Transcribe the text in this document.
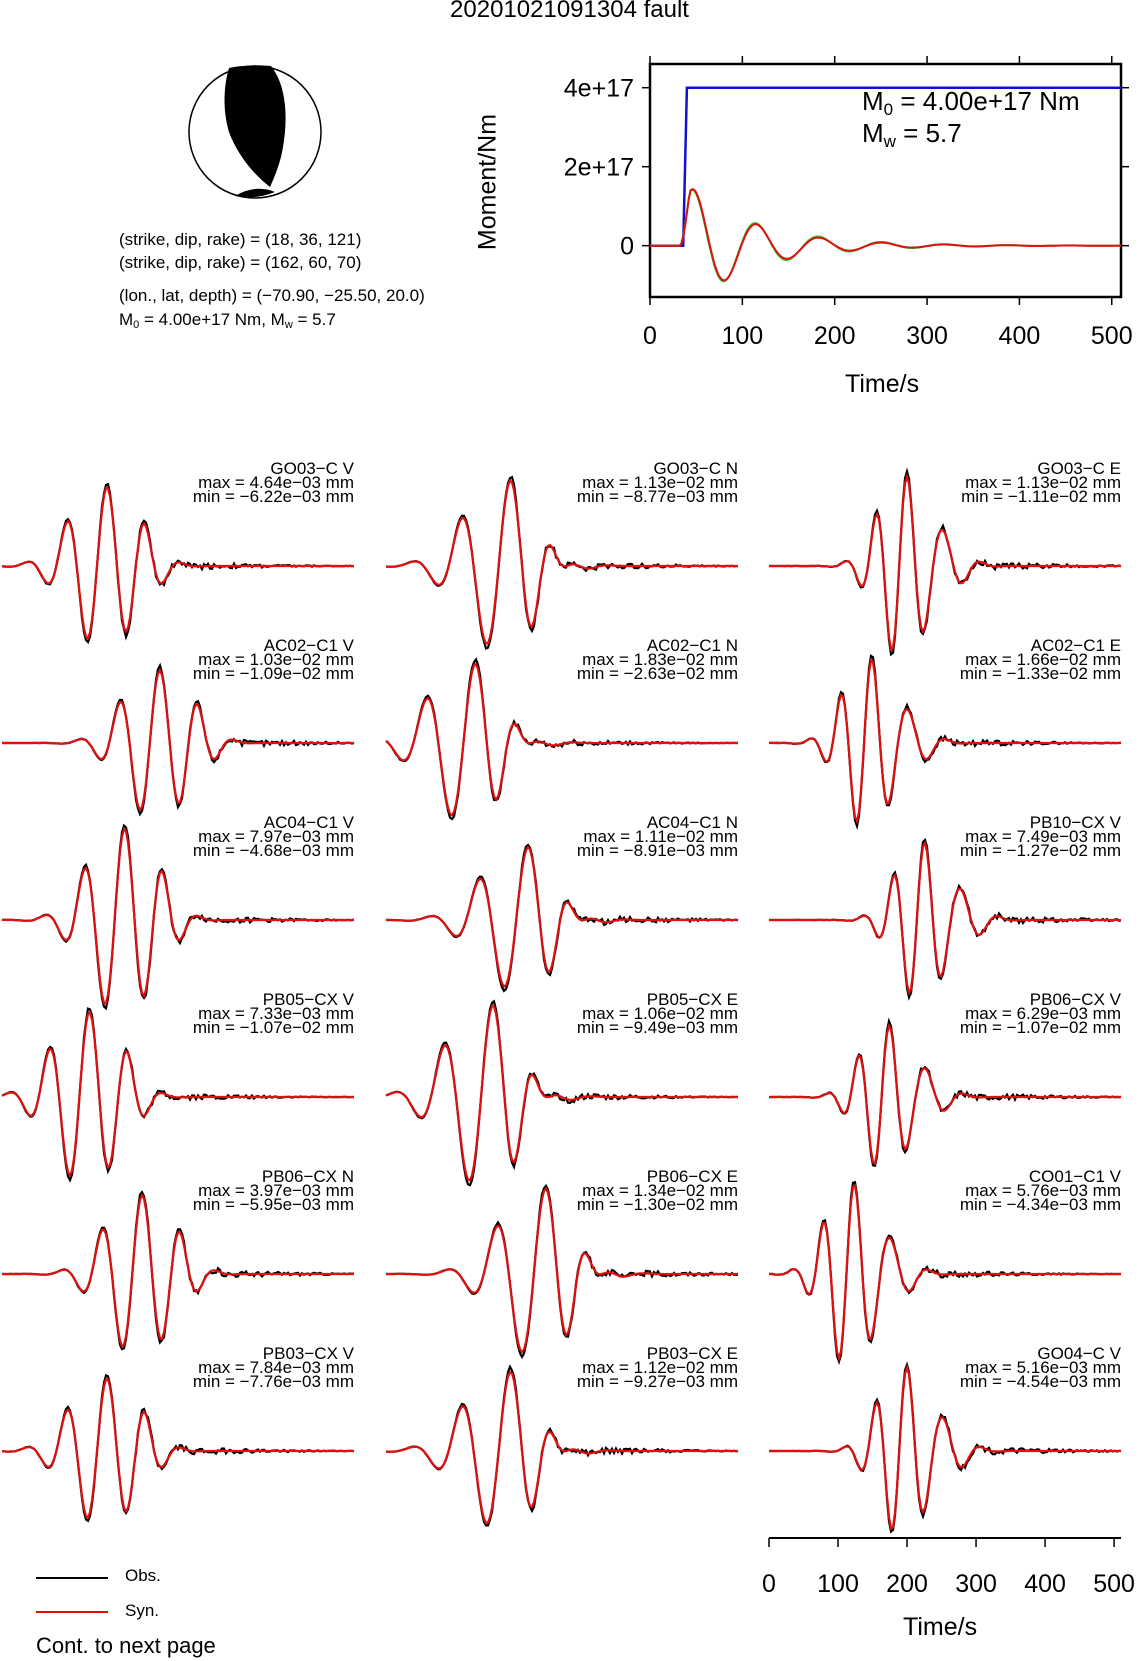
20201021091304 fault
(strike, dip, rake) = (18, 36, 121)
(strike, dip, rake) = (162, 60, 70)
(lon., lat, depth) = (−70.90, −25.50, 20.0)
$M_0 = 4.00e+17$ Nm, $M_w = 5.7$
0
2e+17
4e+17
0	100 200 300 400 500
Moment/Nm
Time/s
$M_0 = 4.00e+17$ Nm
$M_w = 5.7$
GO03−C V
max = 4.64e−03 mm
min = −6.22e−03 mm
GO03−C N
max = 1.13e−02 mm
min = −8.77e−03 mm
GO03−C E
max = 1.13e−02 mm
min = −1.11e−02 mm
AC02−C1 V
max = 1.03e−02 mm
min = −1.09e−02 mm
AC02−C1 N
max = 1.83e−02 mm
min = −2.63e−02 mm
AC02−C1 E
max = 1.66e−02 mm
min = −1.33e−02 mm
AC04−C1 V
max = 7.97e−03 mm
min = −4.68e−03 mm
AC04−C1 N
max = 1.11e−02 mm
min = −8.91e−03 mm
PB10−CX V
max = 7.49e−03 mm
min = −1.27e−02 mm
PB05−CX V
max = 7.33e−03 mm
min = −1.07e−02 mm
PB05−CX E
max = 1.06e−02 mm
min = −9.49e−03 mm
PB06−CX V
max = 6.29e−03 mm
min = −1.07e−02 mm
PB06−CX N
max = 3.97e−03 mm
min = −5.95e−03 mm
PB06−CX E
max = 1.34e−02 mm
min = −1.30e−02 mm
CO01−C1 V
max = 5.76e−03 mm
min = −4.34e−03 mm
PB03−CX V
max = 7.84e−03 mm
min = −7.76e−03 mm
PB03−CX E
max = 1.12e−02 mm
min = −9.27e−03 mm
GO04−C V
max = 5.16e−03 mm
min = −4.54e−03 mm
0 100 200 300 400 500
Time/s
Obs.
Syn.
Cont. to next page
